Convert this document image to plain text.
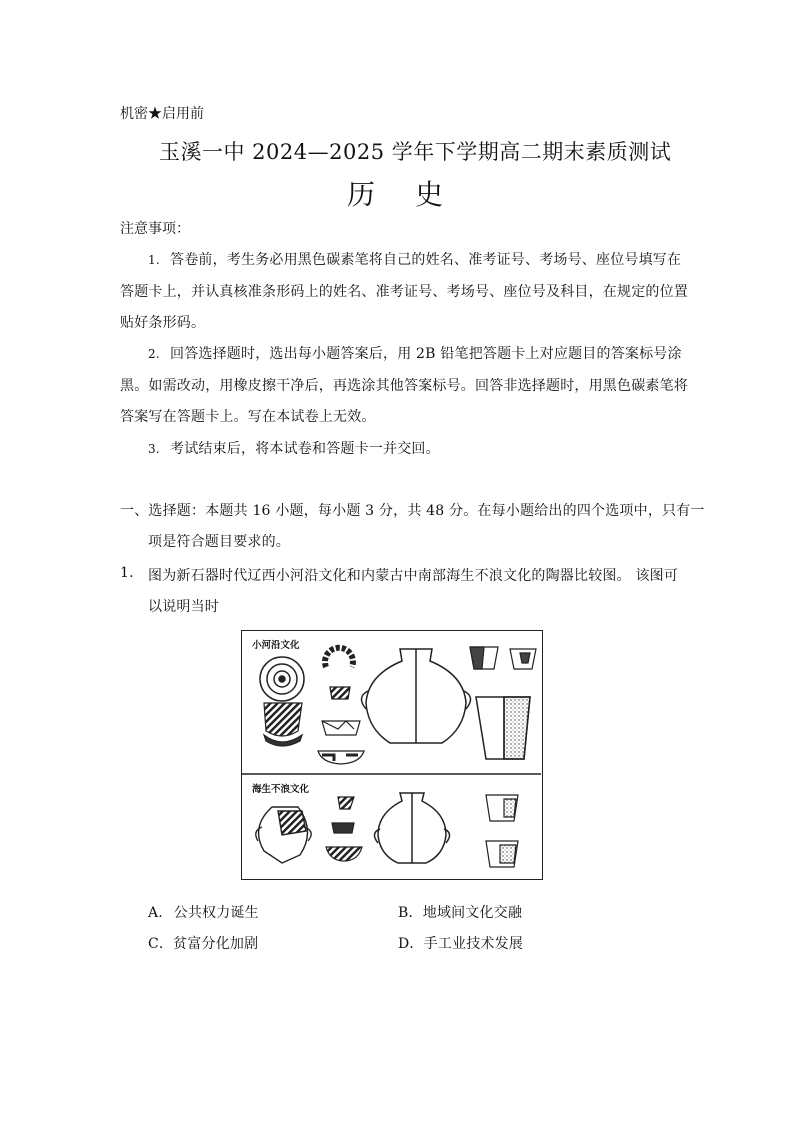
机密★启用前
玉溪一中 2024—2025 学年下学期高二期末素质测试
历史
注意事项：
1. 答卷前，考生务必用黑色碳素笔将自己的姓名、准考证号、考场号、座位号填写在
答题卡上，并认真核准条形码上的姓名、准考证号、考场号、座位号及科目，在规定的位置
贴好条形码。
2. 回答选择题时，选出每小题答案后，用 2B 铅笔把答题卡上对应题目的答案标号涂
黑。如需改动，用橡皮擦干净后，再选涂其他答案标号。回答非选择题时，用黑色碳素笔将
答案写在答题卡上。写在本试卷上无效。
3. 考试结束后，将本试卷和答题卡一并交回。
一、选择题：本题共 16 小题，每小题 3 分，共 48 分。在每小题给出的四个选项中，只有一
项是符合题目要求的。
1. 图为新石器时代辽西小河沿文化和内蒙古中南部海生不浪文化的陶器比较图。 该图可
以说明当时
小河沿文化
海生不浪文化
A. 公共权力诞生	B．地域间文化交融
C．贫富分化加剧	D．手工业技术发展
